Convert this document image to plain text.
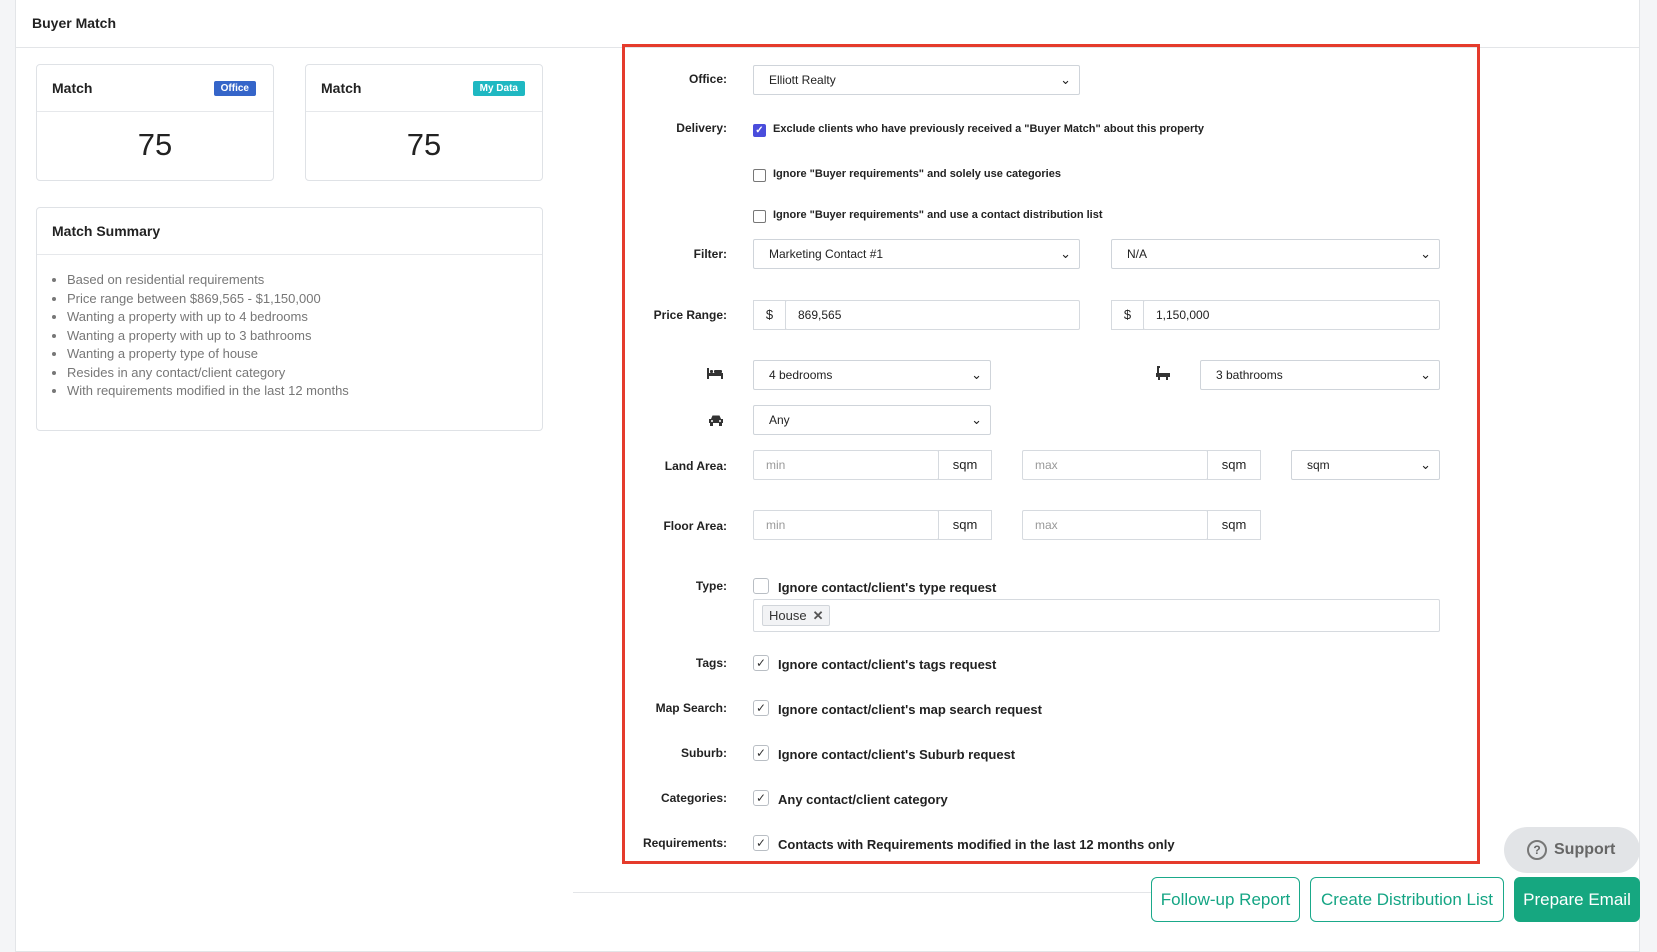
Buyer Match
Match	Office
75
Match	My Data
75
Match Summary
• Based on residential requirements
• Price range between $869,565 - $1,150,000
• Wanting a property with up to 4 bedrooms
• Wanting a property with up to 3 bathrooms
• Wanting a property type of house
• Resides in any contact/client category
• With requirements modified in the last 12 months
Office:	Elliott Realty	⌄
Delivery:	✓ Exclude clients who have previously received a "Buyer Match" about this property
Ignore "Buyer requirements" and solely use categories
Ignore "Buyer requirements" and use a contact distribution list
Filter:	Marketing Contact #1	⌄	N/A	⌄
Price Range:	$	869,565	$	1,150,000
4 bedrooms	⌄	3 bathrooms	⌄
Any	⌄
Land Area:	min	sqm	max	sqm	sqm	⌄
Floor Area:	min	sqm	max	sqm
Type:	Ignore contact/client's type request
House ✕
Tags: ✓ Ignore contact/client's tags request
Map Search: ✓ Ignore contact/client's map search request
Suburb: ✓ Ignore contact/client's Suburb request
Categories: ✓ Any contact/client category
Requirements: ✓ Contacts with Requirements modified in the last 12 months only	? Support
Follow-up Report	Create Distribution List	Prepare Email
